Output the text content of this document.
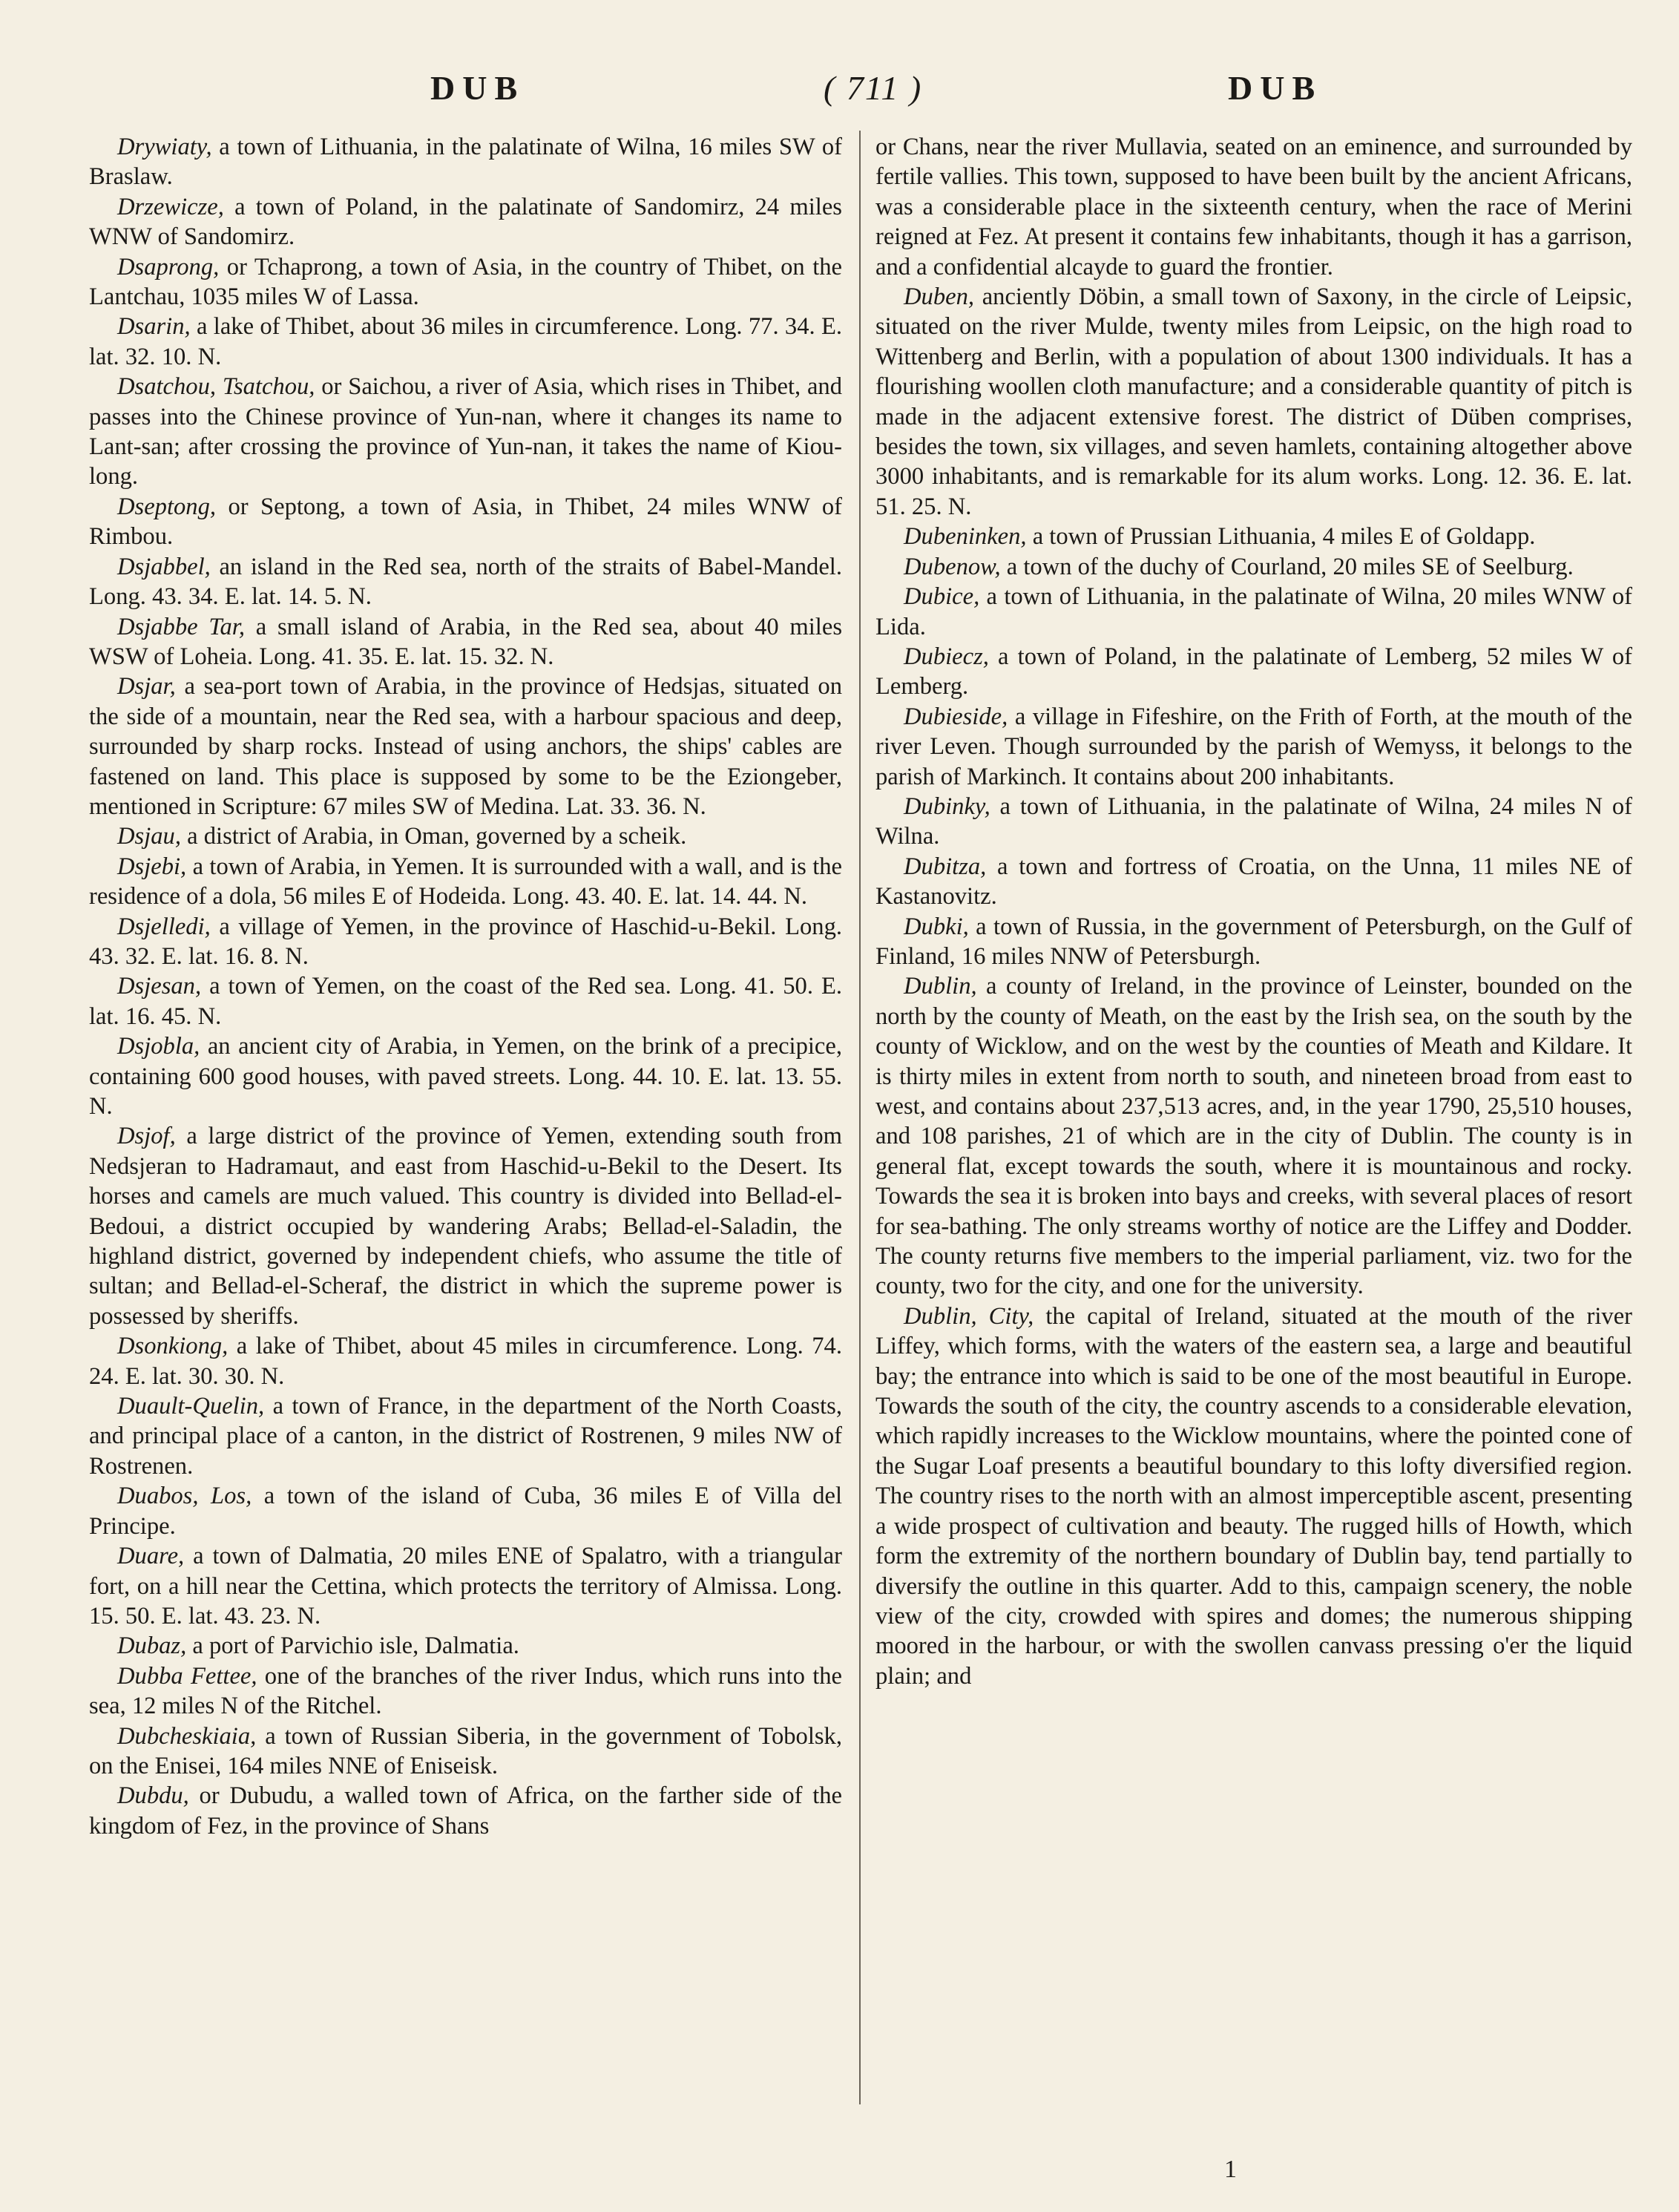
DUB	( 711 )	DUB

Drywiaty, a town of Lithuania, in the palatinate of Wilna, 16 miles SW of Braslaw.

Drzewicze, a town of Poland, in the palatinate of Sandomirz, 24 miles WNW of Sandomirz.

Dsaprong, or Tchaprong, a town of Asia, in the country of Thibet, on the Lantchau, 1035 miles W of Lassa.

Dsarin, a lake of Thibet, about 36 miles in circumference. Long. 77. 34. E. lat. 32. 10. N.

Dsatchou, Tsatchou, or Saichou, a river of Asia, which rises in Thibet, and passes into the Chinese province of Yun-nan, where it changes its name to Lant-san; after crossing the province of Yun-nan, it takes the name of Kiou-long.

Dseptong, or Septong, a town of Asia, in Thibet, 24 miles WNW of Rimbou.

Dsjabbel, an island in the Red sea, north of the straits of Babel-Mandel. Long. 43. 34. E. lat. 14. 5. N.

Dsjabbe Tar, a small island of Arabia, in the Red sea, about 40 miles WSW of Loheia. Long. 41. 35. E. lat. 15. 32. N.

Dsjar, a sea-port town of Arabia, in the province of Hedsjas, situated on the side of a mountain, near the Red sea, with a harbour spacious and deep, surrounded by sharp rocks. Instead of using anchors, the ships' cables are fastened on land. This place is supposed by some to be the Eziongeber, mentioned in Scripture: 67 miles SW of Medina. Lat. 33. 36. N.

Dsjau, a district of Arabia, in Oman, governed by a scheik.

Dsjebi, a town of Arabia, in Yemen. It is surrounded with a wall, and is the residence of a dola, 56 miles E of Hodeida. Long. 43. 40. E. lat. 14. 44. N.

Dsjelledi, a village of Yemen, in the province of Haschid-u-Bekil. Long. 43. 32. E. lat. 16. 8. N.

Dsjesan, a town of Yemen, on the coast of the Red sea. Long. 41. 50. E. lat. 16. 45. N.

Dsjobla, an ancient city of Arabia, in Yemen, on the brink of a precipice, containing 600 good houses, with paved streets. Long. 44. 10. E. lat. 13. 55. N.

Dsjof, a large district of the province of Yemen, extending south from Nedsjeran to Hadramaut, and east from Haschid-u-Bekil to the Desert. Its horses and camels are much valued. This country is divided into Bellad-el-Bedoui, a district occupied by wandering Arabs; Bellad-el-Saladin, the highland district, governed by independent chiefs, who assume the title of sultan; and Bellad-el-Scheraf, the district in which the supreme power is possessed by sheriffs.

Dsonkiong, a lake of Thibet, about 45 miles in circumference. Long. 74. 24. E. lat. 30. 30. N.

Duault-Quelin, a town of France, in the department of the North Coasts, and principal place of a canton, in the district of Rostrenen, 9 miles NW of Rostrenen.

Duabos, Los, a town of the island of Cuba, 36 miles E of Villa del Principe.

Duare, a town of Dalmatia, 20 miles ENE of Spalatro, with a triangular fort, on a hill near the Cettina, which protects the territory of Almissa. Long. 15. 50. E. lat. 43. 23. N.

Dubaz, a port of Parvichio isle, Dalmatia.

Dubba Fettee, one of the branches of the river Indus, which runs into the sea, 12 miles N of the Ritchel.

Dubcheskiaia, a town of Russian Siberia, in the government of Tobolsk, on the Enisei, 164 miles NNE of Eniseisk.

Dubdu, or Dubudu, a walled town of Africa, on the farther side of the kingdom of Fez, in the province of Shans

or Chans, near the river Mullavia, seated on an eminence, and surrounded by fertile vallies. This town, supposed to have been built by the ancient Africans, was a considerable place in the sixteenth century, when the race of Merini reigned at Fez. At present it contains few inhabitants, though it has a garrison, and a confidential alcayde to guard the frontier.

Duben, anciently Döbin, a small town of Saxony, in the circle of Leipsic, situated on the river Mulde, twenty miles from Leipsic, on the high road to Wittenberg and Berlin, with a population of about 1300 individuals. It has a flourishing woollen cloth manufacture; and a considerable quantity of pitch is made in the adjacent extensive forest. The district of Düben comprises, besides the town, six villages, and seven hamlets, containing altogether above 3000 inhabitants, and is remarkable for its alum works. Long. 12. 36. E. lat. 51. 25. N.

Dubeninken, a town of Prussian Lithuania, 4 miles E of Goldapp.

Dubenow, a town of the duchy of Courland, 20 miles SE of Seelburg.

Dubice, a town of Lithuania, in the palatinate of Wilna, 20 miles WNW of Lida.

Dubiecz, a town of Poland, in the palatinate of Lemberg, 52 miles W of Lemberg.

Dubieside, a village in Fifeshire, on the Frith of Forth, at the mouth of the river Leven. Though surrounded by the parish of Wemyss, it belongs to the parish of Markinch. It contains about 200 inhabitants.

Dubinky, a town of Lithuania, in the palatinate of Wilna, 24 miles N of Wilna.

Dubitza, a town and fortress of Croatia, on the Unna, 11 miles NE of Kastanovitz.

Dubki, a town of Russia, in the government of Petersburgh, on the Gulf of Finland, 16 miles NNW of Petersburgh.

Dublin, a county of Ireland, in the province of Leinster, bounded on the north by the county of Meath, on the east by the Irish sea, on the south by the county of Wicklow, and on the west by the counties of Meath and Kildare. It is thirty miles in extent from north to south, and nineteen broad from east to west, and contains about 237,513 acres, and, in the year 1790, 25,510 houses, and 108 parishes, 21 of which are in the city of Dublin. The county is in general flat, except towards the south, where it is mountainous and rocky. Towards the sea it is broken into bays and creeks, with several places of resort for sea-bathing. The only streams worthy of notice are the Liffey and Dodder. The county returns five members to the imperial parliament, viz. two for the county, two for the city, and one for the university.

Dublin, City, the capital of Ireland, situated at the mouth of the river Liffey, which forms, with the waters of the eastern sea, a large and beautiful bay; the entrance into which is said to be one of the most beautiful in Europe. Towards the south of the city, the country ascends to a considerable elevation, which rapidly increases to the Wicklow mountains, where the pointed cone of the Sugar Loaf presents a beautiful boundary to this lofty diversified region. The country rises to the north with an almost imperceptible ascent, presenting a wide prospect of cultivation and beauty. The rugged hills of Howth, which form the extremity of the northern boundary of Dublin bay, tend partially to diversify the outline in this quarter. Add to this, campaign scenery, the noble view of the city, crowded with spires and domes; the numerous shipping moored in the harbour, or with the swollen canvass pressing o'er the liquid plain; and

1
